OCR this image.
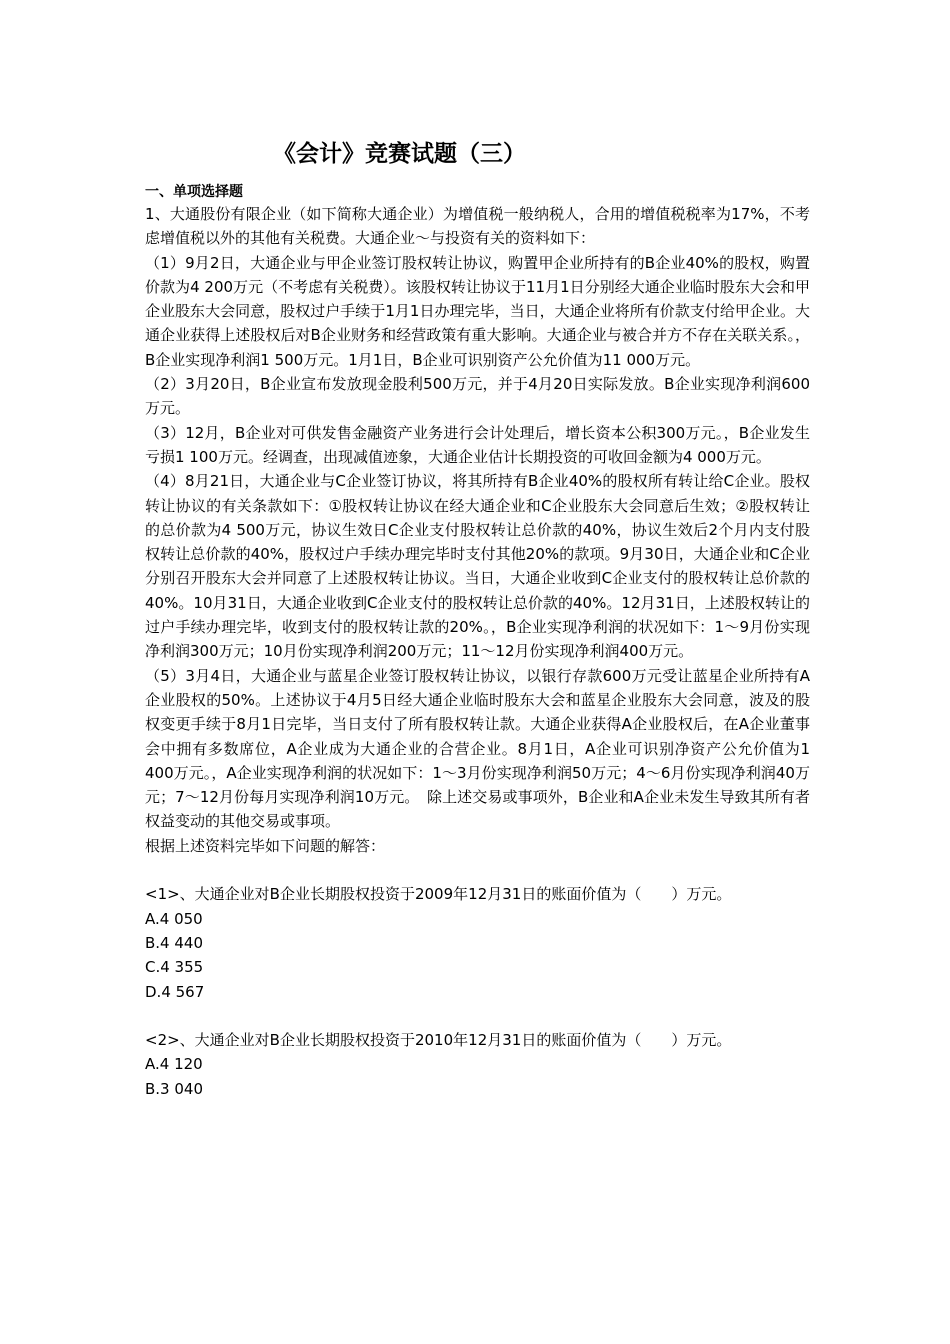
《会计》竞赛试题（三）
一、单项选择题

1、大通股份有限企业（如下简称大通企业）为增值税一般纳税人，合用的增值税税率为17%，不考虑增值税以外的其他有关税费。大通企业～与投资有关的资料如下：

（1）9月2日，大通企业与甲企业签订股权转让协议，购置甲企业所持有的B企业40%的股权，购置价款为4 200万元（不考虑有关税费）。该股权转让协议于11月1日分别经大通企业临时股东大会和甲企业股东大会同意，股权过户手续于1月1日办理完毕，当日，大通企业将所有价款支付给甲企业。大通企业获得上述股权后对B企业财务和经营政策有重大影响。大通企业与被合并方不存在关联关系。，B企业实现净利润1 500万元。1月1日，B企业可识别资产公允价值为11 000万元。

（2）3月20日，B企业宣布发放现金股利500万元，并于4月20日实际发放。B企业实现净利润600万元。

（3）12月，B企业对可供发售金融资产业务进行会计处理后，增长资本公积300万元。，B企业发生亏损1 100万元。经调查，出现减值迹象，大通企业估计长期投资的可收回金额为4 000万元。

（4）8月21日，大通企业与C企业签订协议，将其所持有B企业40%的股权所有转让给C企业。股权转让协议的有关条款如下：①股权转让协议在经大通企业和C企业股东大会同意后生效；②股权转让的总价款为4 500万元，协议生效日C企业支付股权转让总价款的40%，协议生效后2个月内支付股权转让总价款的40%，股权过户手续办理完毕时支付其他20%的款项。9月30日，大通企业和C企业分别召开股东大会并同意了上述股权转让协议。当日，大通企业收到C企业支付的股权转让总价款的40%。10月31日，大通企业收到C企业支付的股权转让总价款的40%。12月31日，上述股权转让的过户手续办理完毕，收到支付的股权转让款的20%。，B企业实现净利润的状况如下：1～9月份实现净利润300万元；10月份实现净利润200万元；11～12月份实现净利润400万元。

（5）3月4日，大通企业与蓝星企业签订股权转让协议，以银行存款600万元受让蓝星企业所持有A企业股权的50%。上述协议于4月5日经大通企业临时股东大会和蓝星企业股东大会同意，波及的股权变更手续于8月1日完毕，当日支付了所有股权转让款。大通企业获得A企业股权后，在A企业董事会中拥有多数席位，A企业成为大通企业的合营企业。8月1日，A企业可识别净资产公允价值为1 400万元。，A企业实现净利润的状况如下：1～3月份实现净利润50万元；4～6月份实现净利润40万元；7～12月份每月实现净利润10万元。　除上述交易或事项外，B企业和A企业未发生导致其所有者权益变动的其他交易或事项。

根据上述资料完毕如下问题的解答：
<1>、大通企业对B企业长期股权投资于2009年12月31日的账面价值为（　　）万元。
A.4 050
B.4 440
C.4 355
D.4 567
<2>、大通企业对B企业长期股权投资于2010年12月31日的账面价值为（　　）万元。
A.4 120
B.3 040
